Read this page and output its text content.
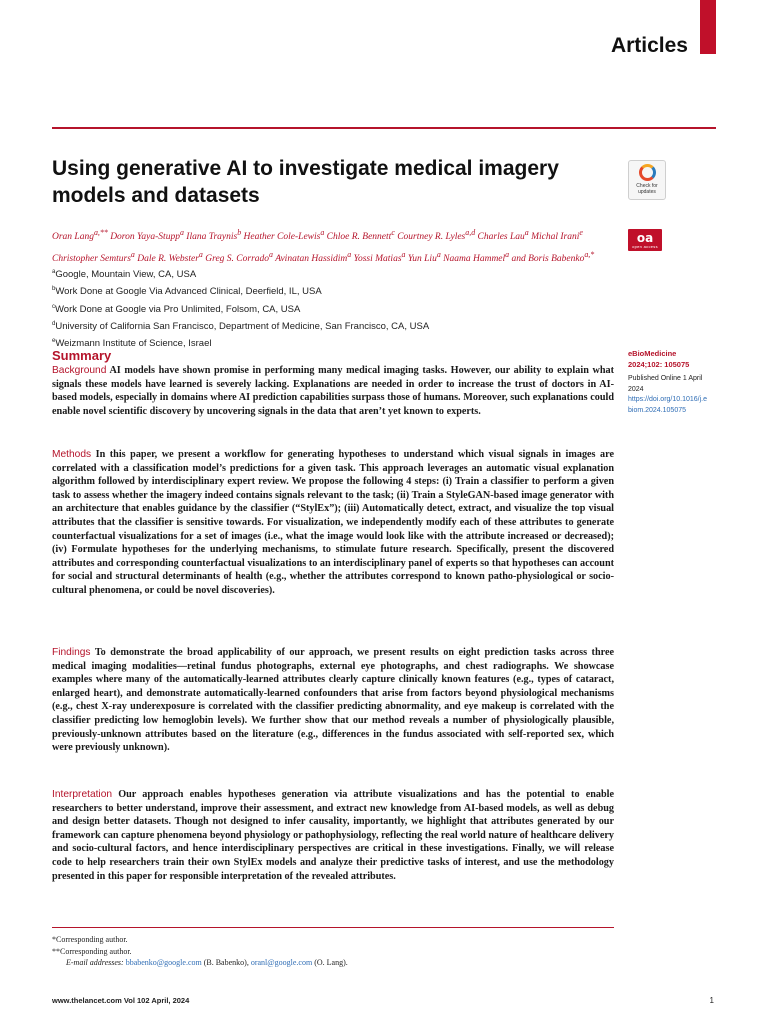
Articles
Using generative AI to investigate medical imagery models and datasets	Check for updates
oa
open access
Oran Lang$^{a,**}$ Doron Yaya-Stupp$^a$ Ilana Traynis$^b$ Heather Cole-Lewis$^a$ Chloe R. Bennett$^c$ Courtney R. Lyles$^{a,d}$ Charles Lau$^a$ Michal Irani$^e$
Christopher Semturs$^a$ Dale R. Webster$^a$ Greg S. Corrado$^a$ Avinatan Hassidim$^a$ Yossi Matias$^a$ Yun Liu$^a$ Naama Hammel$^a$ and Boris Babenko$^{a,*}$
$^a$Google, Mountain View, CA, USA
$^b$Work Done at Google Via Advanced Clinical, Deerfield, IL, USA
$^c$Work Done at Google via Pro Unlimited, Folsom, CA, USA
$^d$University of California San Francisco, Department of Medicine, San Francisco, CA, USA
$^e$Weizmann Institute of Science, Israel
Summary
Background AI models have shown promise in performing many medical imaging tasks. However, our ability to explain what signals these models have learned is severely lacking. Explanations are needed in order to increase the trust of doctors in AI-based models, especially in domains where AI prediction capabilities surpass those of humans. Moreover, such explanations could enable novel scientific discovery by uncovering signals in the data that aren’t yet known to experts.
Methods In this paper, we present a workflow for generating hypotheses to understand which visual signals in images are correlated with a classification model’s predictions for a given task. This approach leverages an automatic visual explanation algorithm followed by interdisciplinary expert review. We propose the following 4 steps: (i) Train a classifier to perform a given task to assess whether the imagery indeed contains signals relevant to the task; (ii) Train a StyleGAN-based image generator with an architecture that enables guidance by the classifier (“StylEx”); (iii) Automatically detect, extract, and visualize the top visual attributes that the classifier is sensitive towards. For visualization, we independently modify each of these attributes to generate counterfactual visualizations for a set of images (i.e., what the image would look like with the attribute increased or decreased); (iv) Formulate hypotheses for the underlying mechanisms, to stimulate future research. Specifically, present the discovered attributes and corresponding counterfactual visualizations to an interdisciplinary panel of experts so that hypotheses can account for social and structural determinants of health (e.g., whether the attributes correspond to known patho-physiological or socio-cultural phenomena, or could be novel discoveries).
Findings To demonstrate the broad applicability of our approach, we present results on eight prediction tasks across three medical imaging modalities—retinal fundus photographs, external eye photographs, and chest radiographs. We showcase examples where many of the automatically-learned attributes clearly capture clinically known features (e.g., types of cataract, enlarged heart), and demonstrate automatically-learned confounders that arise from factors beyond physiological mechanisms (e.g., chest X-ray underexposure is correlated with the classifier predicting abnormality, and eye makeup is correlated with the classifier predicting low hemoglobin levels). We further show that our method reveals a number of physiologically plausible, previously-unknown attributes based on the literature (e.g., differences in the fundus associated with self-reported sex, which were previously unknown).
Interpretation Our approach enables hypotheses generation via attribute visualizations and has the potential to enable researchers to better understand, improve their assessment, and extract new knowledge from AI-based models, as well as debug and design better datasets. Though not designed to infer causality, importantly, we highlight that attributes generated by our framework can capture phenomena beyond physiology or pathophysiology, reflecting the real world nature of healthcare delivery and socio-cultural factors, and hence interdisciplinary perspectives are critical in these investigations. Finally, we will release code to help researchers train their own StylEx models and analyze their predictive tasks of interest, and use the methodology presented in this paper for responsible interpretation of the revealed attributes.
eBioMedicine
2024;102: 105075
Published Online 1 April 2024
https://doi.org/10.1016/j.ebiom.2024.105075
*Corresponding author.
**Corresponding author.
E-mail addresses: bbabenko@google.com (B. Babenko), oranl@google.com (O. Lang).
www.thelancet.com Vol 102 April, 2024	1
